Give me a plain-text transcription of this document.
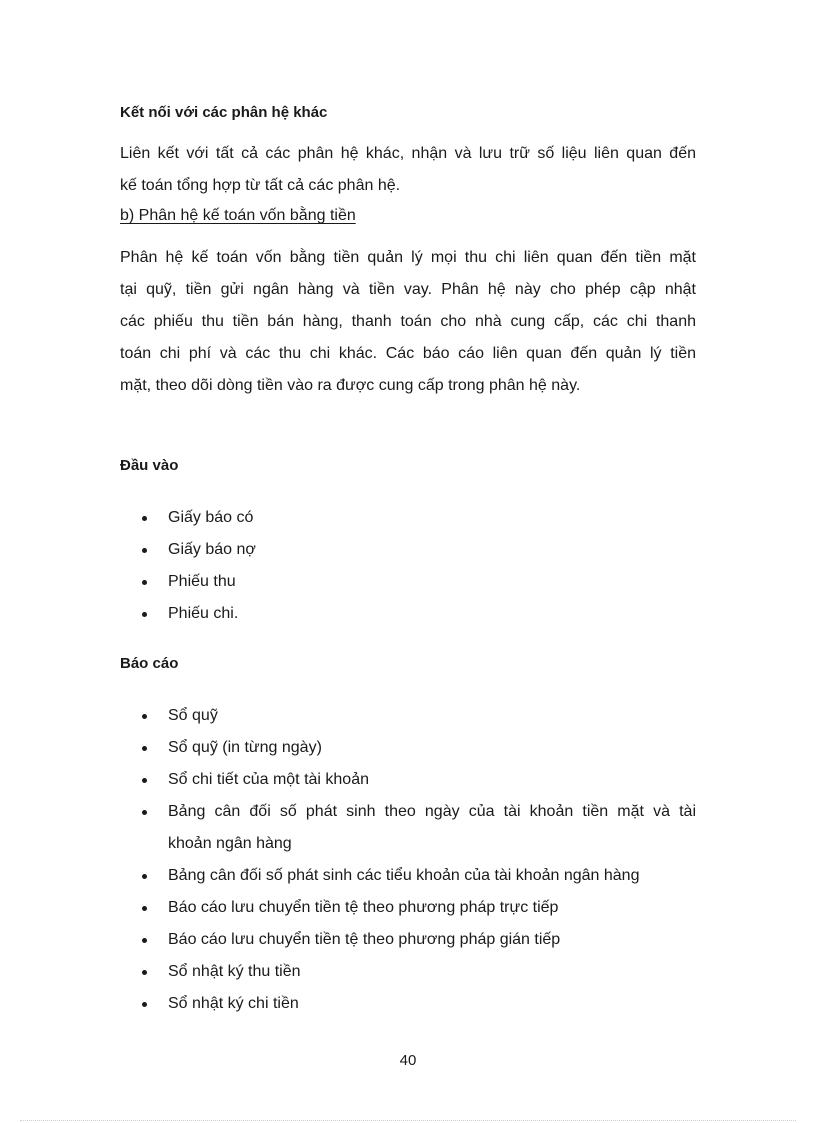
Kết nối với các phân hệ khác
Liên kết với tất cả các phân hệ khác, nhận và lưu trữ số liệu liên quan đến
kế toán tổng hợp từ tất cả các phân hệ.
b) Phân hệ kế toán vốn bằng tiền
Phân hệ kế toán vốn bằng tiền quản lý mọi thu chi liên quan đến tiền mặt
tại quỹ, tiền gửi ngân hàng và tiền vay. Phân hệ này cho phép cập nhật
các phiếu thu tiền bán hàng, thanh toán cho nhà cung cấp, các chi thanh
toán chi phí và các thu chi khác. Các báo cáo liên quan đến quản lý tiền
mặt, theo dõi dòng tiền vào ra được cung cấp trong phân hệ này.
Đầu vào
Giấy báo có
Giấy báo nợ
Phiếu thu
Phiếu chi.
Báo cáo
Sổ quỹ
Sổ quỹ (in từng ngày)
Sổ chi tiết của một tài khoản
Bảng cân đối số phát sinh theo ngày của tài khoản tiền mặt và tài
khoản ngân hàng
Bảng cân đối số phát sinh các tiểu khoản của tài khoản ngân hàng
Báo cáo lưu chuyển tiền tệ theo phương pháp trực tiếp
Báo cáo lưu chuyển tiền tệ theo phương pháp gián tiếp
Sổ nhật ký thu tiền
Sổ nhật ký chi tiền
40
